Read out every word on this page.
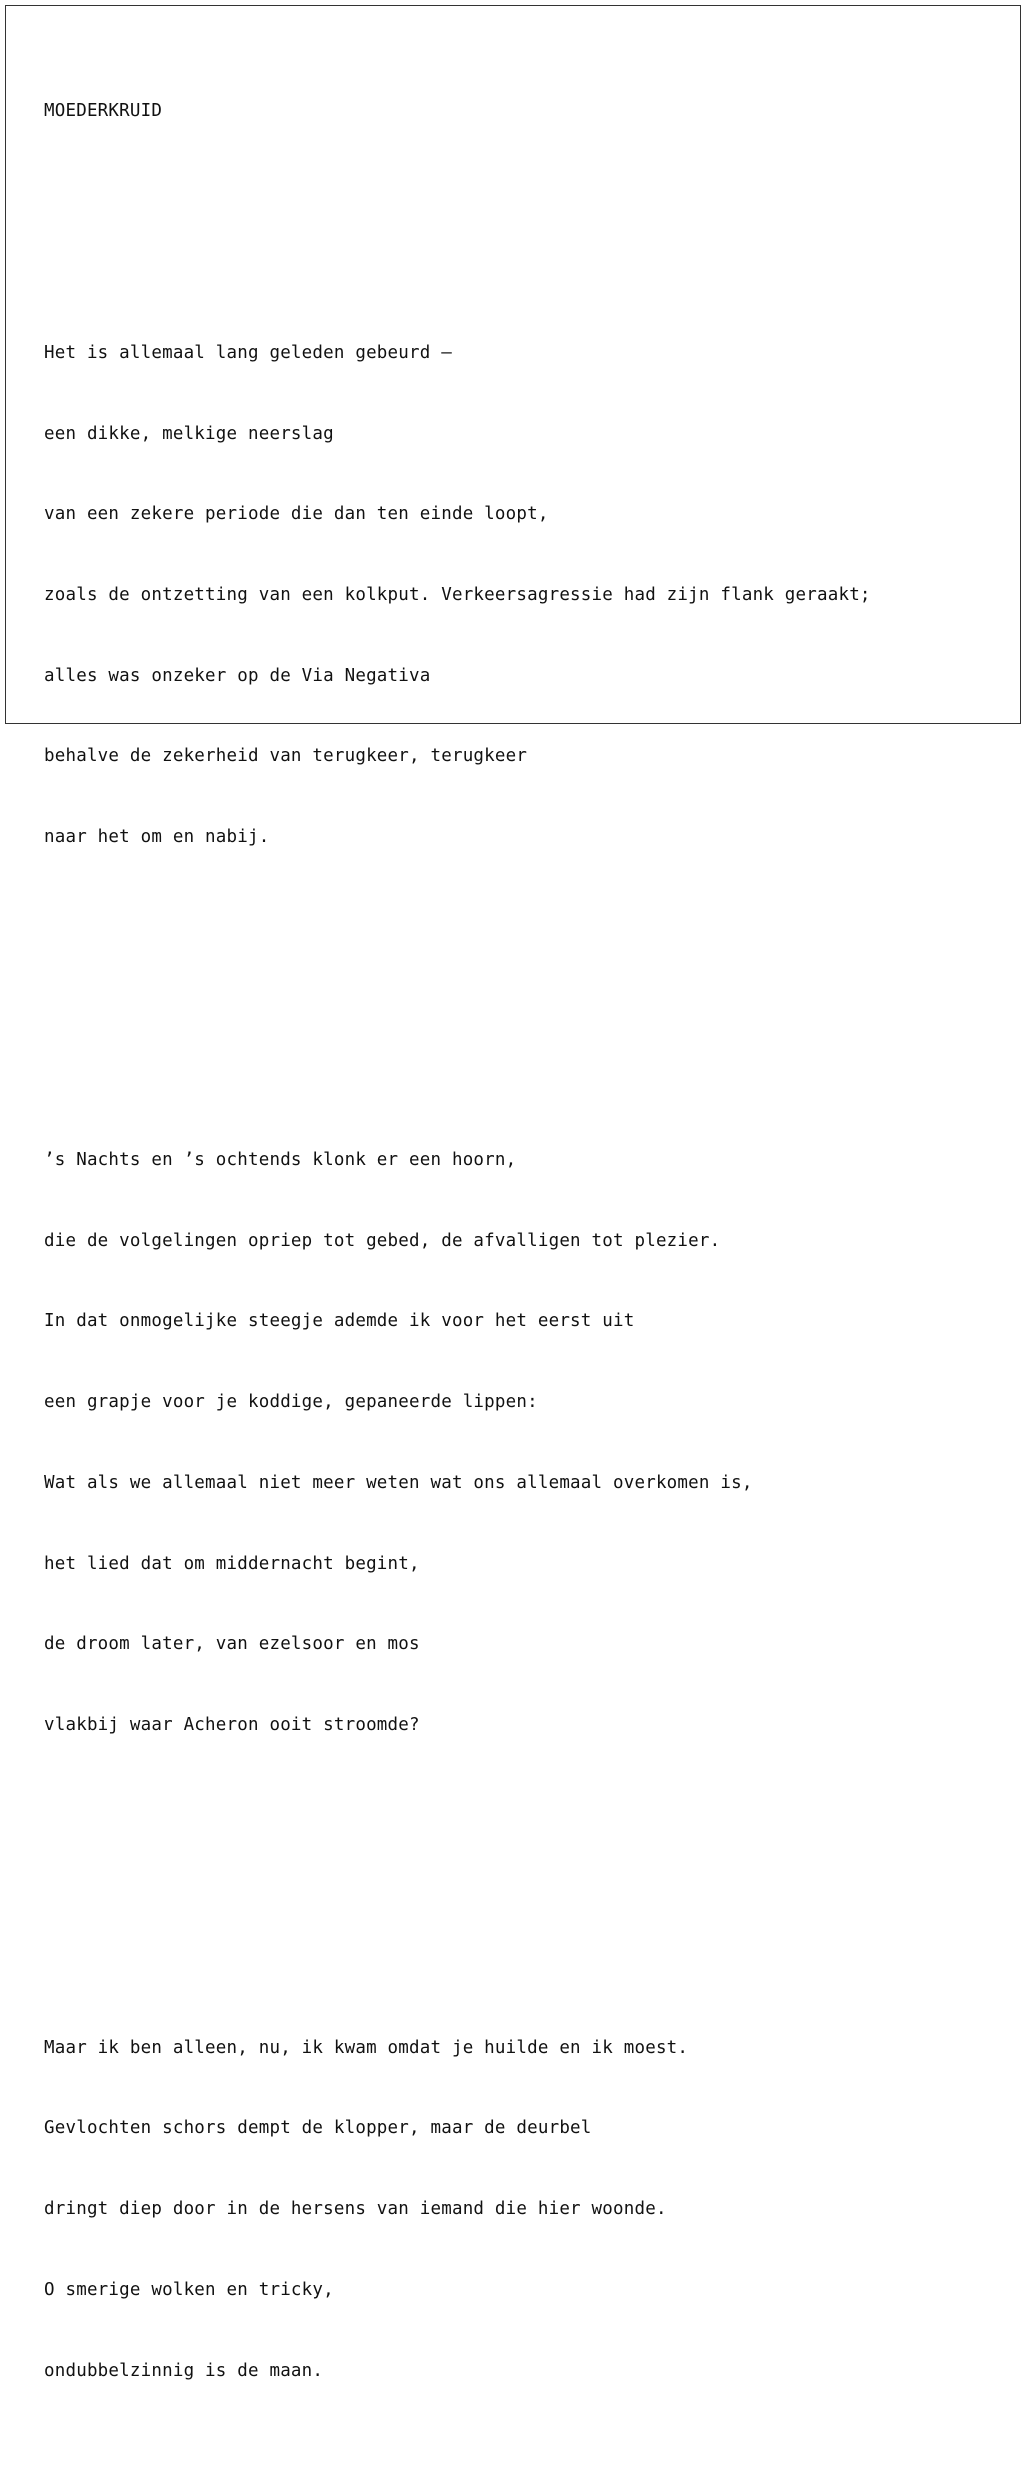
MOEDERKRUID

Het is allemaal lang geleden gebeurd –

een dikke, melkige neerslag

van een zekere periode die dan ten einde loopt,

zoals de ontzetting van een kolkput. Verkeersagressie had zijn flank geraakt;

alles was onzeker op de Via Negativa

behalve de zekerheid van terugkeer, terugkeer

naar het om en nabij.

’s Nachts en ’s ochtends klonk er een hoorn,

die de volgelingen opriep tot gebed, de afvalligen tot plezier.

In dat onmogelijke steegje ademde ik voor het eerst uit

een grapje voor je koddige, gepaneerde lippen:

Wat als we allemaal niet meer weten wat ons allemaal overkomen is,

het lied dat om middernacht begint,

de droom later, van ezelsoor en mos

vlakbij waar Acheron ooit stroomde?

Maar ik ben alleen, nu, ik kwam omdat je huilde en ik moest.

Gevlochten schors dempt de klopper, maar de deurbel

dringt diep door in de hersens van iemand die hier woonde.

O smerige wolken en tricky,

ondubbelzinnig is de maan.
